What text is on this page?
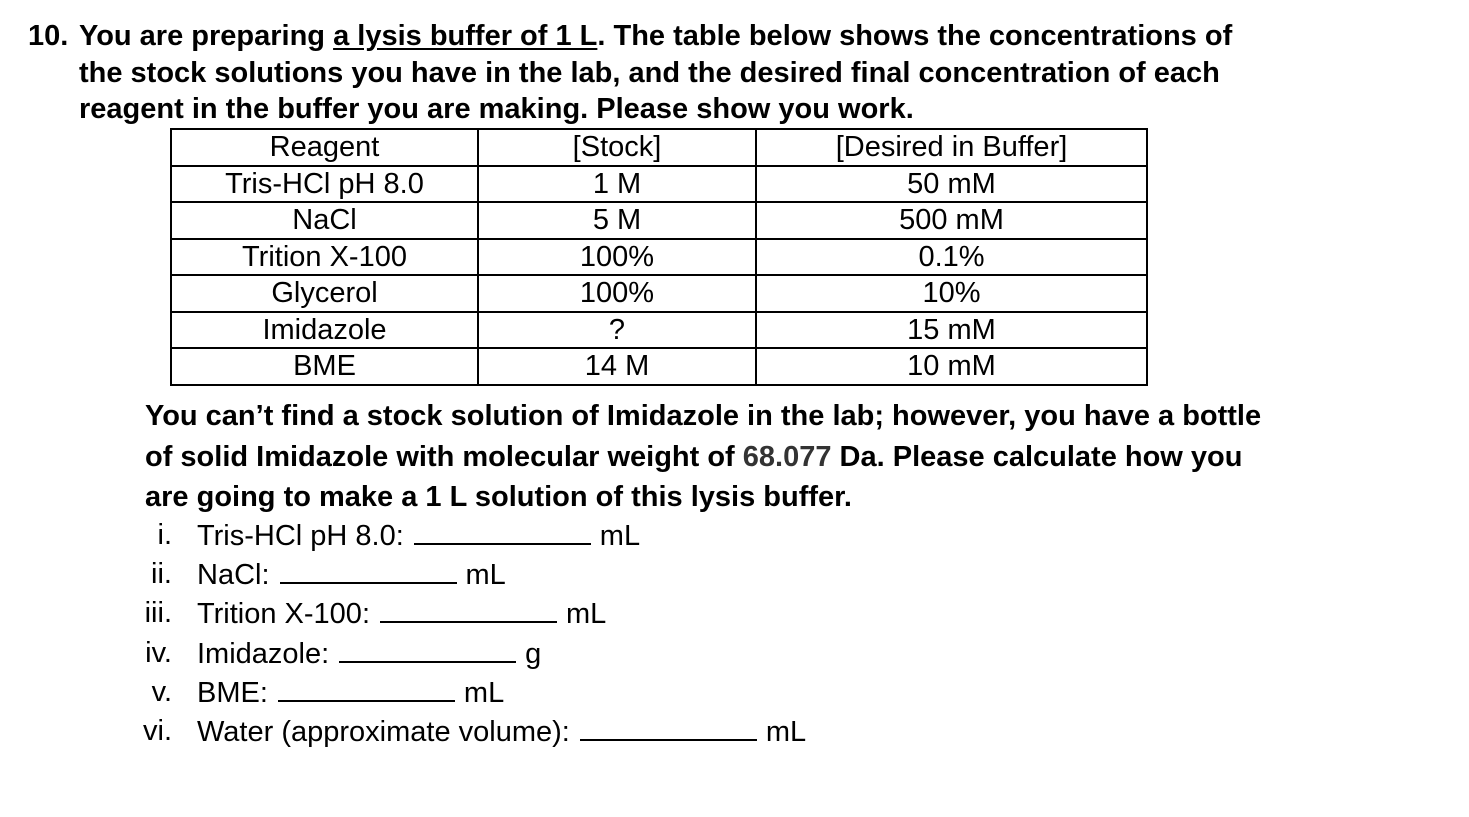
10. You are preparing a lysis buffer of 1 L. The table below shows the concentrations of
the stock solutions you have in the lab, and the desired final concentration of each
reagent in the buffer you are making. Please show you work.
Reagent	[Stock]	[Desired in Buffer]
Tris-HCl pH 8.0	1 M	50 mM
NaCl	5 M	500 mM
Trition X-100	100%	0.1%
Glycerol	100%	10%
Imidazole	?	15 mM
BME	14 M	10 mM
You can’t find a stock solution of Imidazole in the lab; however, you have a bottle
of solid Imidazole with molecular weight of 68.077 Da. Please calculate how you
are going to make a 1 L solution of this lysis buffer.
i. Tris-HCl pH 8.0:	mL
ii. NaCl:	mL
iii. Trition X-100:	mL
iv. Imidazole:	g
v. BME:	mL
vi. Water (approximate volume):	mL
